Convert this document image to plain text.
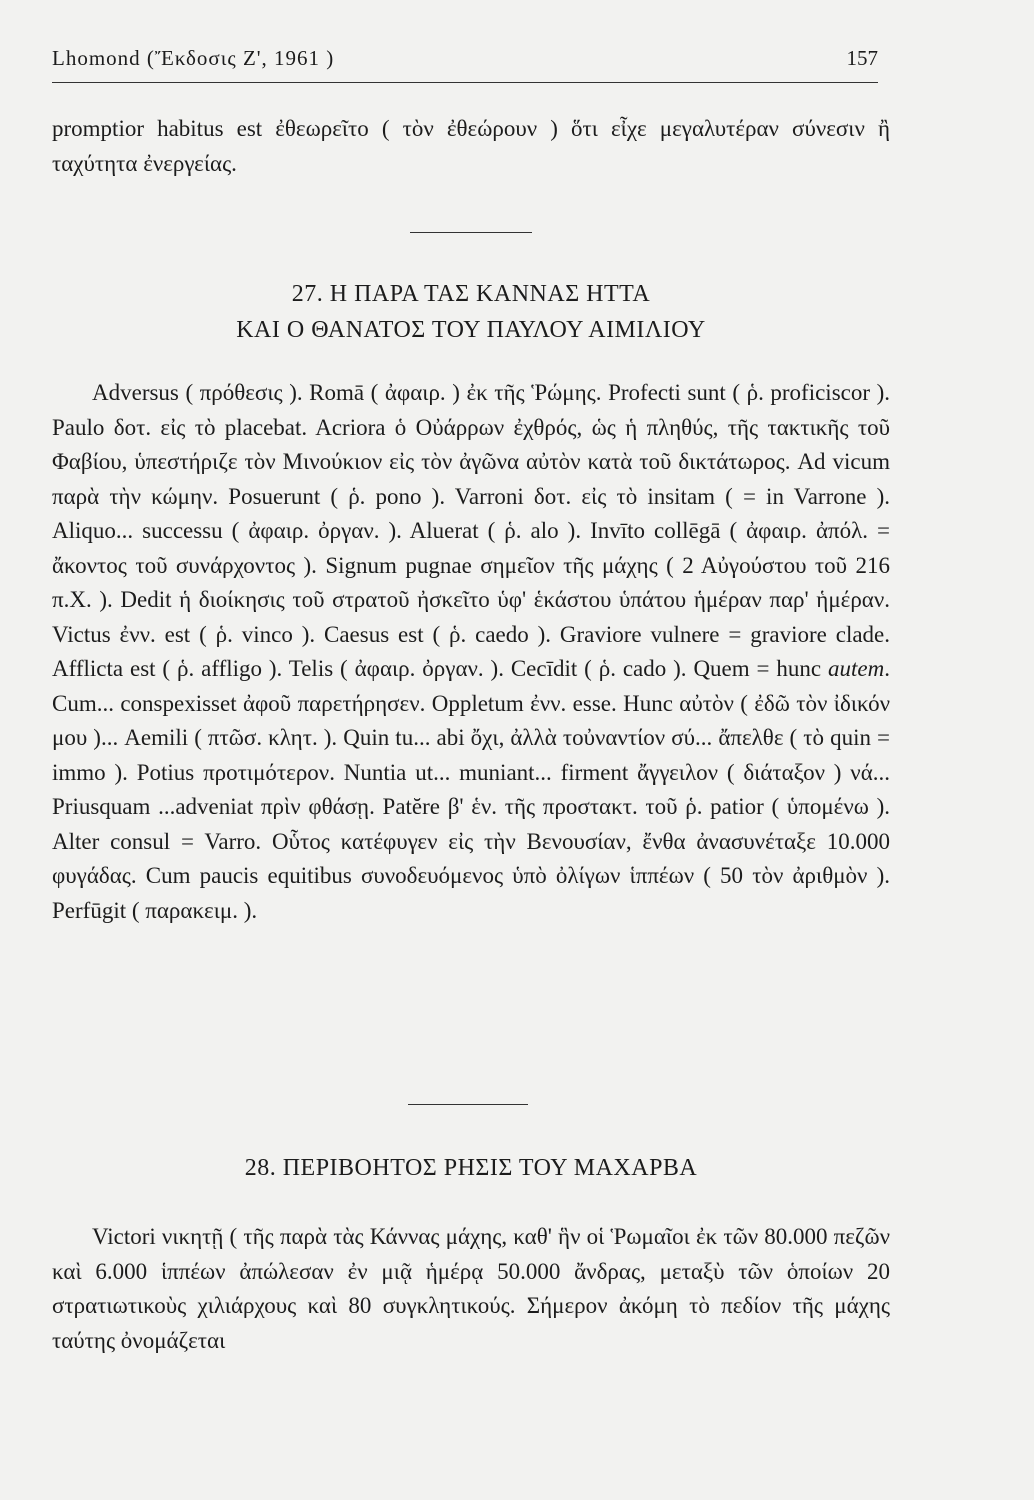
Lhomond (Ἔκδοσις Ζ', 1961 )	157

promptior habitus est ἐθεωρεῖτο ( τὸν ἐθεώρουν ) ὅτι εἶχε μεγαλυτέραν σύνεσιν ἢ ταχύτητα ἐνεργείας.

27. Η ΠΑΡΑ ΤΑΣ ΚΑΝΝΑΣ ΗΤΤΑ
ΚΑΙ Ο ΘΑΝΑΤΟΣ ΤΟΥ ΠΑΥΛΟΥ ΑΙΜΙΛΙΟΥ

Adversus ( πρόθεσις ). Romā ( ἀφαιρ. ) ἐκ τῆς Ῥώμης. Profecti sunt ( ῥ. proficiscor ). Paulo δοτ. εἰς τὸ placebat. Acriora ὁ Οὐάρρων ἐχθρός, ὡς ἡ πληθύς, τῆς τακτικῆς τοῦ Φαβίου, ὑπεστήριζε τὸν Μινούκιον εἰς τὸν ἀγῶνα αὐτὸν κατὰ τοῦ δικτάτωρος. Ad vicum παρὰ τὴν κώμην. Posuerunt ( ῥ. pono ). Varroni δοτ. εἰς τὸ insitam ( = in Varrone ). Aliquo... successu ( ἀφαιρ. ὀργαν. ). Aluerat ( ῥ. alo ). Invīto collēgā ( ἀφαιρ. ἀπόλ. = ἄκοντος τοῦ συνάρχοντος ). Signum pugnae σημεῖον τῆς μάχης ( 2 Αὐγούστου τοῦ 216 π.Χ. ). Dedit ἡ διοίκησις τοῦ στρατοῦ ἠσκεῖτο ὑφ' ἑκάστου ὑπάτου ἡμέραν παρ' ἡμέραν. Victus ἐνν. est ( ῥ. vinco ). Caesus est ( ῥ. caedo ). Graviore vulnere = graviore clade. Afflicta est ( ῥ. affligo ). Telis ( ἀφαιρ. ὀργαν. ). Cecīdit ( ῥ. cado ). Quem = hunc autem. Cum... conspexisset ἀφοῦ παρετήρησεν. Oppletum ἐνν. esse. Hunc αὐτὸν ( ἐδῶ τὸν ἰδικόν μου )... Aemili ( πτῶσ. κλητ. ). Quin tu... abi ὄχι, ἀλλὰ τοὐναντίον σύ... ἄπελθε ( τὸ quin = immo ). Potius προτιμότερον. Nuntia ut... muniant... firment ἄγγειλον ( διάταξον ) νά... Priusquam ...adveniat πρὶν φθάσῃ. Patĕre β' ἑν. τῆς προστακτ. τοῦ ῥ. patior ( ὑπομένω ). Alter consul = Varro. Οὗτος κατέφυγεν εἰς τὴν Βενουσίαν, ἔνθα ἀνασυνέταξε 10.000 φυγάδας. Cum paucis equitibus συνοδευόμενος ὑπὸ ὀλίγων ἱππέων ( 50 τὸν ἀριθμὸν ). Perfūgit ( παρακειμ. ).

28. ΠΕΡΙΒΟΗΤΟΣ ΡΗΣΙΣ ΤΟΥ ΜΑΧΑΡΒΑ

Victori νικητῇ ( τῆς παρὰ τὰς Κάννας μάχης, καθ' ἣν οἱ Ῥωμαῖοι ἐκ τῶν 80.000 πεζῶν καὶ 6.000 ἱππέων ἀπώλεσαν ἐν μιᾷ ἡμέρᾳ 50.000 ἄνδρας, μεταξὺ τῶν ὁποίων 20 στρατιωτικοὺς χιλιάρχους καὶ 80 συγκλητικούς. Σήμερον ἀκόμη τὸ πεδίον τῆς μάχης ταύτης ὀνομάζεται
